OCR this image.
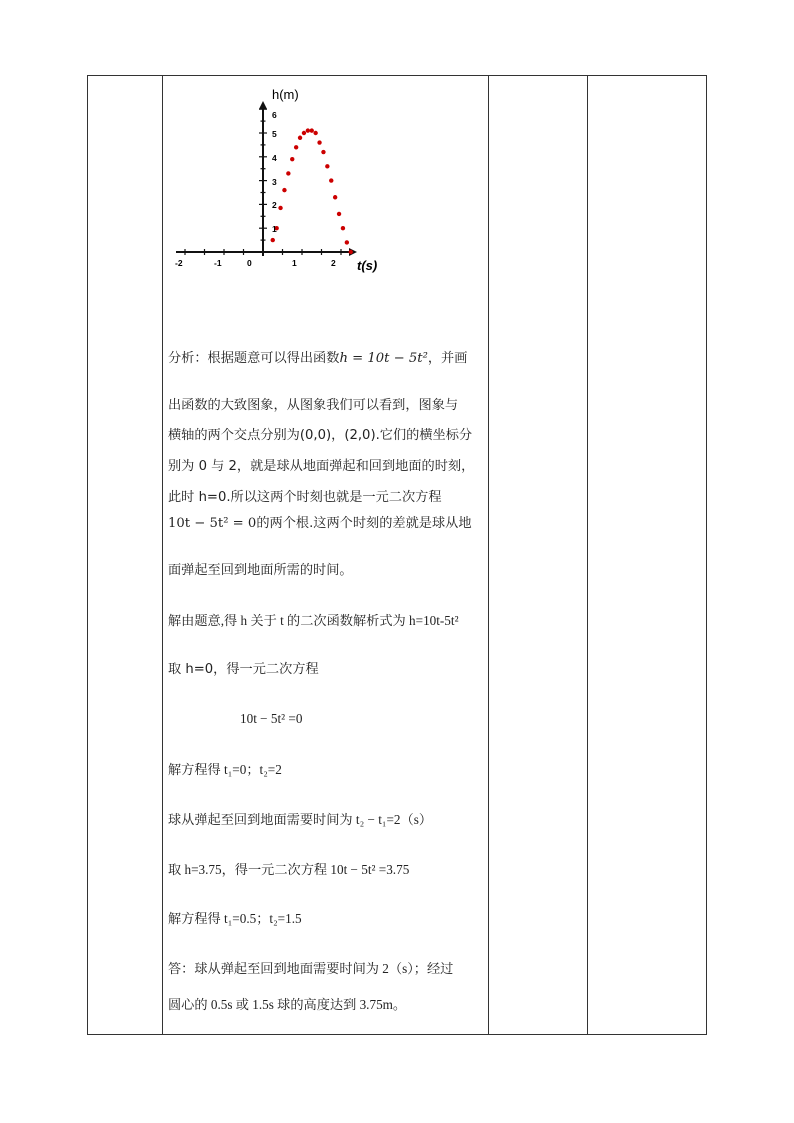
h(m)
t(s)
-2	-1	0	1	2
1
2
3
4
5
6
分析：根据题意可以得出函数h = 10t − 5t²，并画
出函数的大致图象，从图象我们可以看到，图象与
横轴的两个交点分别为(0,0)，(2,0).它们的横坐标分
别为 0 与 2，就是球从地面弹起和回到地面的时刻，
此时 h=0.所以这两个时刻也就是一元二次方程
10t − 5t² = 0的两个根.这两个时刻的差就是球从地
面弹起至回到地面所需的时间。
解由题意,得 h 关于 t 的二次函数解析式为 h=10t-5t²
取 h=0，得一元二次方程
10t − 5t² =0
解方程得 t₁=0；t₂=2
球从弹起至回到地面需要时间为 t₂ − t₁=2（s）
取 h=3.75，得一元二次方程 10t − 5t² =3.75
解方程得 t₁=0.5；t₂=1.5
答：球从弹起至回到地面需要时间为 2（s）；经过
圆心的 0.5s 或 1.5s 球的高度达到 3.75m。
